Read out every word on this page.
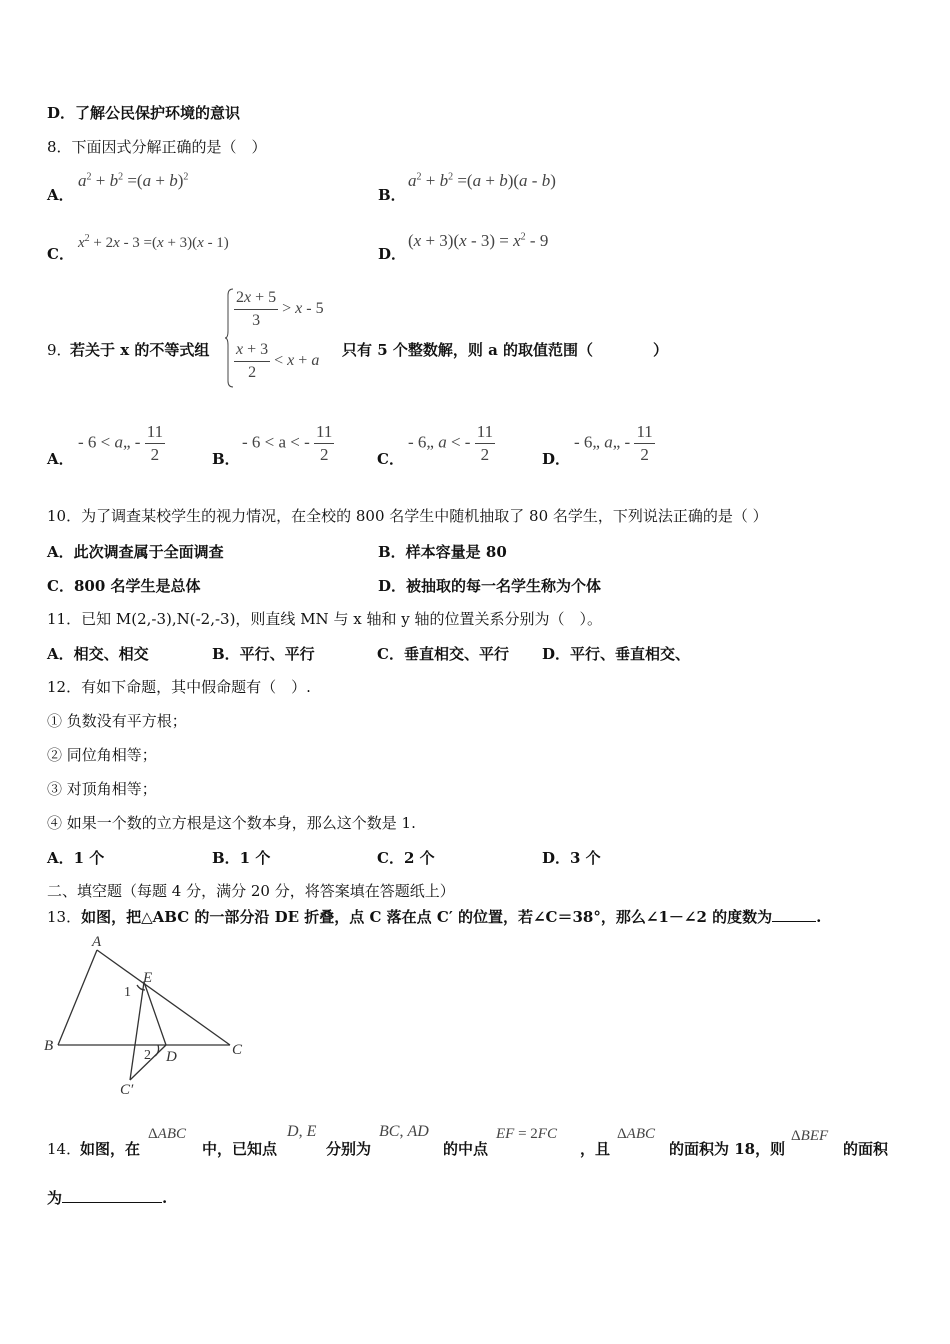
D．了解公民保护环境的意识
8．下面因式分解正确的是（　）
A．
$a^2 + b^2 =(a + b)^2$
B．
$a^2 + b^2 =(a + b)(a - b)$
C．
$x^2 + 2x - 3 =(x + 3)(x - 1)$
D．
$(x + 3)(x - 3) = x^2 - 9$
9．
若关于 x 的不等式组
$\frac{2x + 5}{3} > x - 5$
$\frac{x + 3}{2} < x + a$
只有 5 个整数解，则 a 的取值范围（　　　　）
A．
- 6 < a„ - $\frac{11}{2}$	B．
- 6 < a < - $\frac{11}{2}$	C．
- 6„ a < - $\frac{11}{2}$	D．
- 6„ a„ - $\frac{11}{2}$
10．为了调查某校学生的视力情况，在全校的 800 名学生中随机抽取了 80 名学生，下列说法正确的是（ ）
A．此次调查属于全面调查	B．样本容量是 80
C．800 名学生是总体	D．被抽取的每一名学生称为个体
11．已知 M(2,-3),N(-2,-3)，则直线 MN 与 x 轴和 y 轴的位置关系分别为（　）。
A．相交、相交	B．平行、平行	C．垂直相交、平行 D．平行、垂直相交、
12．有如下命题，其中假命题有（　）.
① 负数没有平方根；
② 同位角相等；
③ 对顶角相等；
④ 如果一个数的立方根是这个数本身，那么这个数是 1.
A．1 个	B．1 个	C．2 个	D．3 个
二、填空题（每题 4 分，满分 20 分，将答案填在答题纸上）
13．如图，把△ABC 的一部分沿 DE 折叠，点 C 落在点 C′ 的位置，若∠C＝38°，那么∠1－∠2 的度数为	.
A
B	C
D
E
C′
1
2
14．
如图，在
ΔABC
中，已知点
D, E
分别为
BC, AD
的中点
EF = 2FC
，且
ΔABC
的面积为 18，则
ΔBEF
的面积
为	.
